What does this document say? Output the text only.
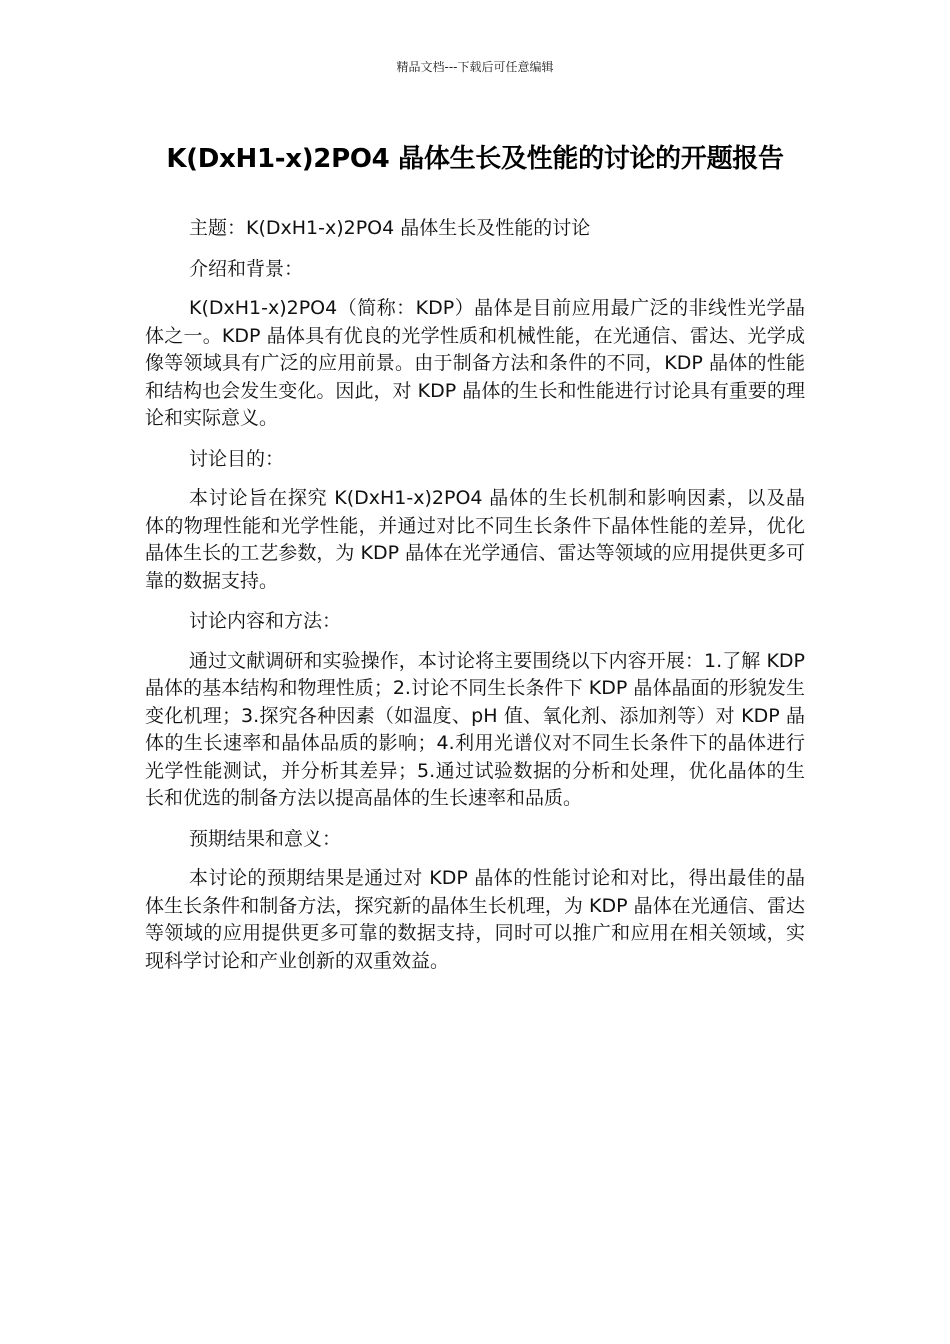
精品文档---下载后可任意编辑
K(DxH1-x)2PO4 晶体生长及性能的讨论的开题报告

主题：K(DxH1-x)2PO4 晶体生长及性能的讨论

介绍和背景：

K(DxH1-x)2PO4（简称：KDP）晶体是目前应用最广泛的非线性光学晶体之一。KDP 晶体具有优良的光学性质和机械性能，在光通信、雷达、光学成像等领域具有广泛的应用前景。由于制备方法和条件的不同，KDP 晶体的性能和结构也会发生变化。因此，对 KDP 晶体的生长和性能进行讨论具有重要的理论和实际意义。

讨论目的：

本讨论旨在探究 K(DxH1-x)2PO4 晶体的生长机制和影响因素，以及晶体的物理性能和光学性能，并通过对比不同生长条件下晶体性能的差异，优化晶体生长的工艺参数，为 KDP 晶体在光学通信、雷达等领域的应用提供更多可靠的数据支持。

讨论内容和方法：

通过文献调研和实验操作，本讨论将主要围绕以下内容开展：1.了解 KDP 晶体的基本结构和物理性质；2.讨论不同生长条件下 KDP 晶体晶面的形貌发生变化机理；3.探究各种因素（如温度、pH 值、氧化剂、添加剂等）对 KDP 晶体的生长速率和晶体品质的影响；4.利用光谱仪对不同生长条件下的晶体进行光学性能测试，并分析其差异；5.通过试验数据的分析和处理，优化晶体的生长和优选的制备方法以提高晶体的生长速率和品质。

预期结果和意义：

本讨论的预期结果是通过对 KDP 晶体的性能讨论和对比，得出最佳的晶体生长条件和制备方法，探究新的晶体生长机理，为 KDP 晶体在光通信、雷达等领域的应用提供更多可靠的数据支持，同时可以推广和应用在相关领域，实现科学讨论和产业创新的双重效益。
